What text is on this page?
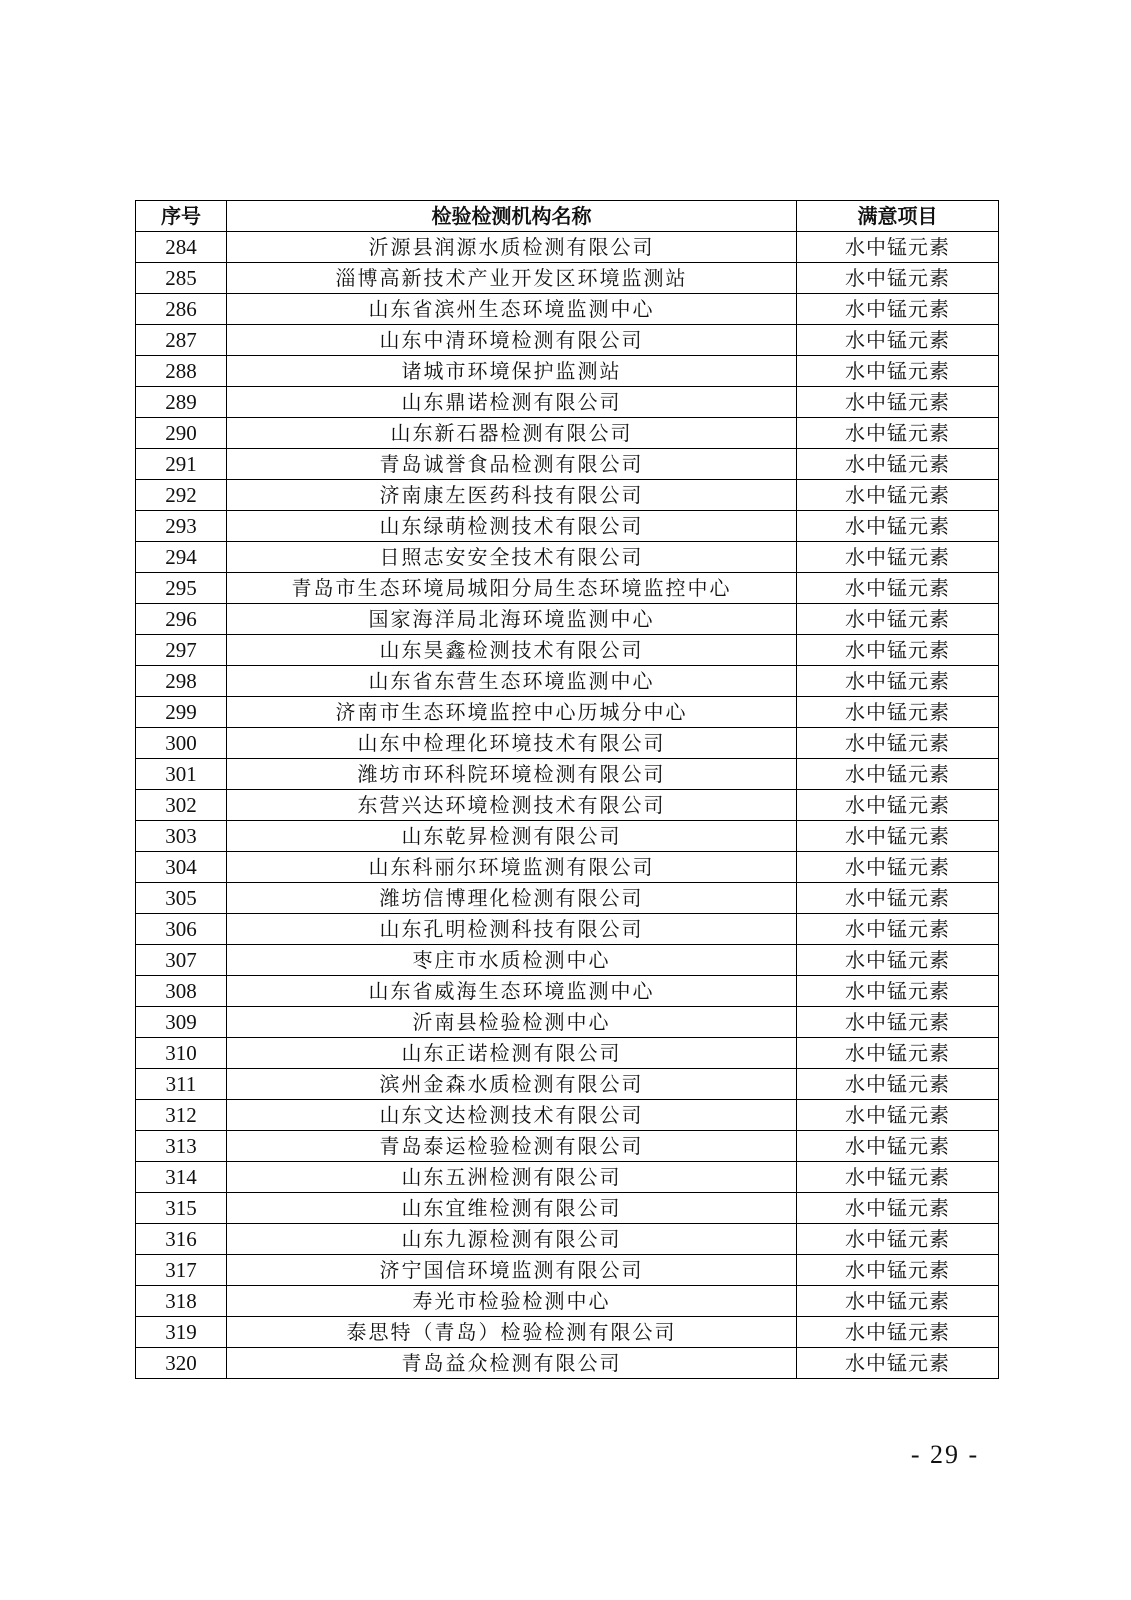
序号	检验检测机构名称	满意项目
284	沂源县润源水质检测有限公司	水中锰元素
285	淄博高新技术产业开发区环境监测站	水中锰元素
286	山东省滨州生态环境监测中心	水中锰元素
287	山东中清环境检测有限公司	水中锰元素
288	诸城市环境保护监测站	水中锰元素
289	山东鼎诺检测有限公司	水中锰元素
290	山东新石器检测有限公司	水中锰元素
291	青岛诚誉食品检测有限公司	水中锰元素
292	济南康左医药科技有限公司	水中锰元素
293	山东绿萌检测技术有限公司	水中锰元素
294	日照志安安全技术有限公司	水中锰元素
295	青岛市生态环境局城阳分局生态环境监控中心	水中锰元素
296	国家海洋局北海环境监测中心	水中锰元素
297	山东昊鑫检测技术有限公司	水中锰元素
298	山东省东营生态环境监测中心	水中锰元素
299	济南市生态环境监控中心历城分中心	水中锰元素
300	山东中检理化环境技术有限公司	水中锰元素
301	潍坊市环科院环境检测有限公司	水中锰元素
302	东营兴达环境检测技术有限公司	水中锰元素
303	山东乾昇检测有限公司	水中锰元素
304	山东科丽尔环境监测有限公司	水中锰元素
305	潍坊信博理化检测有限公司	水中锰元素
306	山东孔明检测科技有限公司	水中锰元素
307	枣庄市水质检测中心	水中锰元素
308	山东省威海生态环境监测中心	水中锰元素
309	沂南县检验检测中心	水中锰元素
310	山东正诺检测有限公司	水中锰元素
311	滨州金森水质检测有限公司	水中锰元素
312	山东文达检测技术有限公司	水中锰元素
313	青岛泰运检验检测有限公司	水中锰元素
314	山东五洲检测有限公司	水中锰元素
315	山东宜维检测有限公司	水中锰元素
316	山东九源检测有限公司	水中锰元素
317	济宁国信环境监测有限公司	水中锰元素
318	寿光市检验检测中心	水中锰元素
319	泰思特（青岛）检验检测有限公司	水中锰元素
320	青岛益众检测有限公司	水中锰元素
- 29 -
